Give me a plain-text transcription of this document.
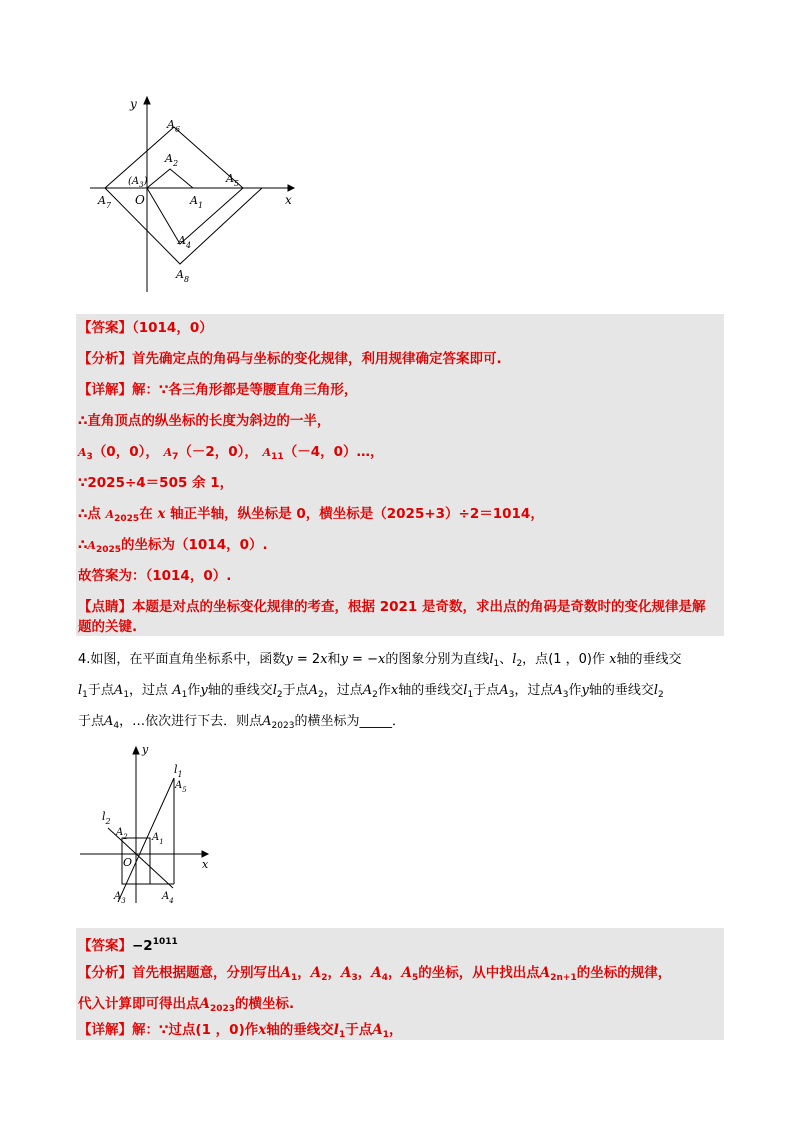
y
x
O
$A_6$
$A_2$
$(A_3)$	$A_5$
$A_7$	$A_1$
$A_4$
$A_8$
【答案】（1014，0）
【分析】首先确定点的角码与坐标的变化规律，利用规律确定答案即可.
【详解】解：∵各三角形都是等腰直角三角形，
∴直角顶点的纵坐标的长度为斜边的一半，
$A_3(0$，0）， $A_7(-2$，0）， $A_{11}(-4$，0）…，
∵2025÷4＝505 余 1，
∴点 $A_{2025}$在 x 轴正半轴，纵坐标是 0，横坐标是（2025+3）÷2＝1014，
$\therefore A_{2025}$的坐标为（1014，0）.
故答案为：（1014，0）.
【点睛】本题是对点的坐标变化规律的考查，根据 2021 是奇数，求出点的角码是奇数时的变化规律是解
题的关键.
4.如图，在平面直角坐标系中，函数y = 2x和y = −x的图象分别为直线$l_1$、$l_2$，点(1 ，0)作 x轴的垂线交
$l_1$于点$A_1$，过点 $A_1$作y轴的垂线交$l_2$于点$A_2$，过点$A_2$作x轴的垂线交$l_1$于点$A_3$，过点$A_3$作y轴的垂线交$l_2$
于点$A_4$，…依次进行下去．则点$A_{2023}$的横坐标为_____．
y
x
O
$l_1$
$A_5$
$l_2$
$A_2$ $A_1$
$A_3$	$A_4$
【答案】$-2^{1011}$
【分析】首先根据题意，分别写出$A_1$，$A_2$，$A_3$，$A_4$，$A_5$的坐标，从中找出点$A_{2n+1}$的坐标的规律，
代入计算即可得出点$A_{2023}$的横坐标.
【详解】解：∵过点(1 ，0)作x轴的垂线交$l_1$于点$A_1$，
